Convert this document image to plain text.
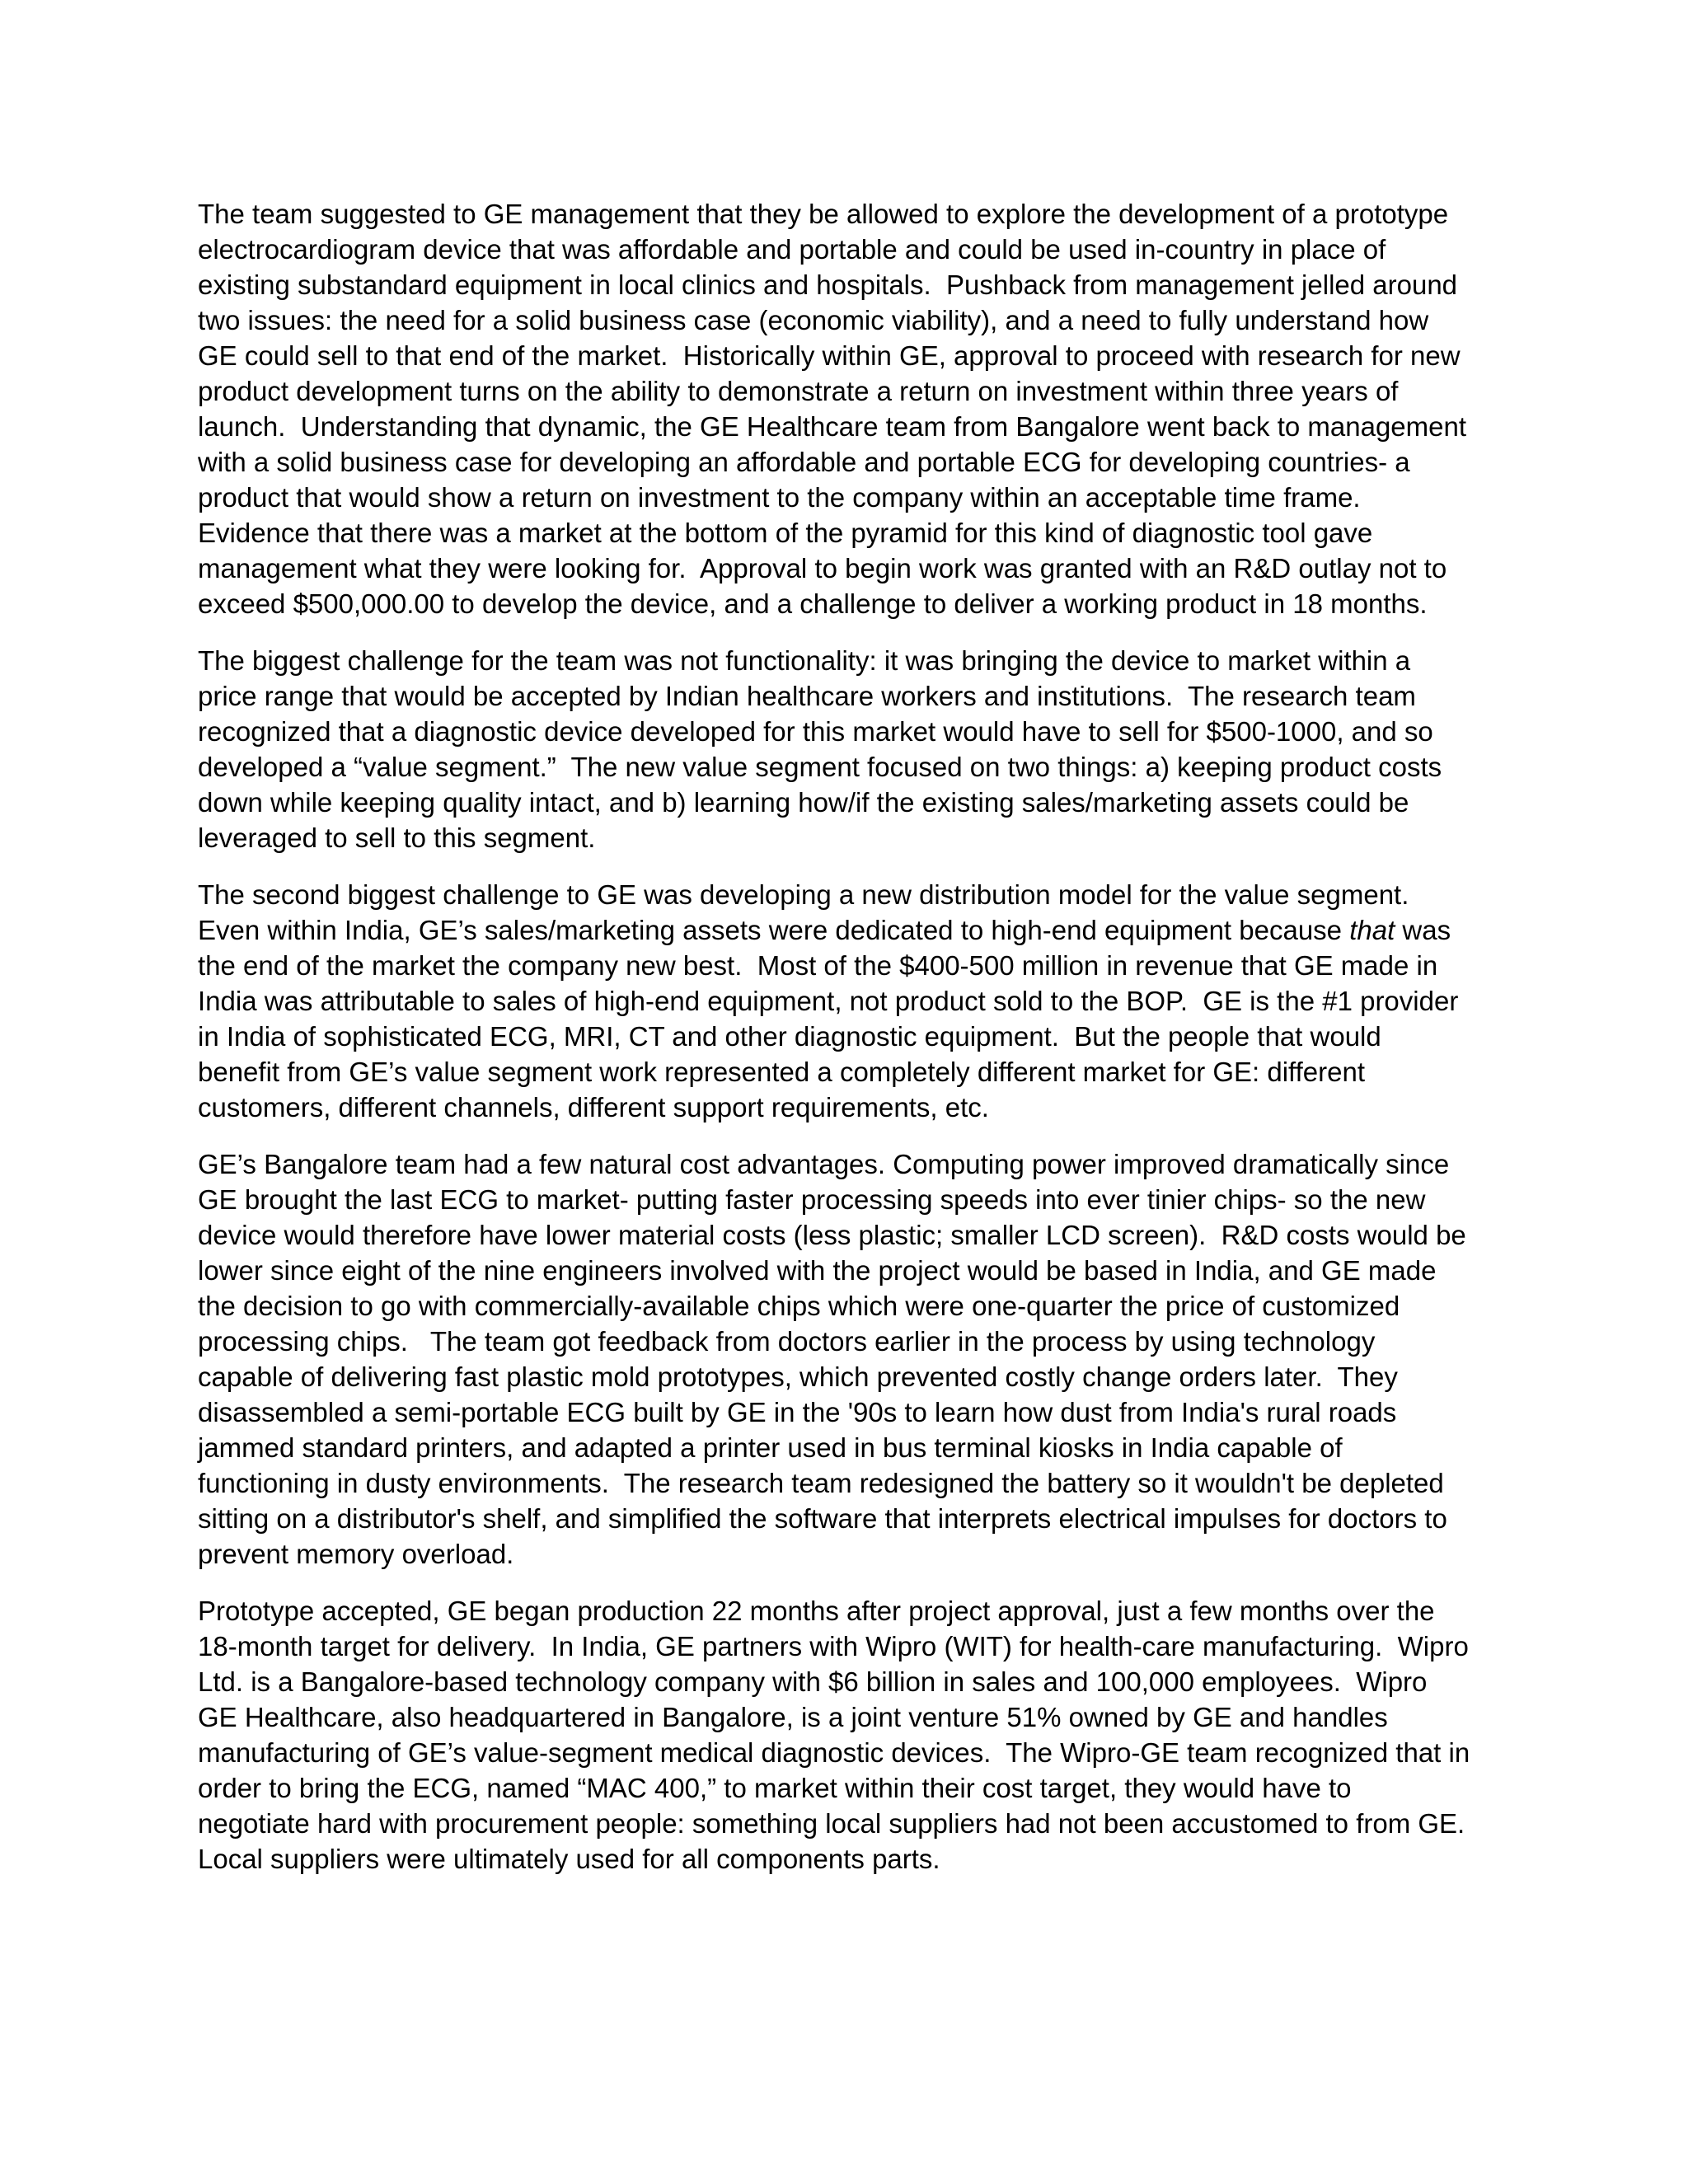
The team suggested to GE management that they be allowed to explore the development of a prototype
electrocardiogram device that was affordable and portable and could be used in-country in place of
existing substandard equipment in local clinics and hospitals.  Pushback from management jelled around
two issues: the need for a solid business case (economic viability), and a need to fully understand how
GE could sell to that end of the market.  Historically within GE, approval to proceed with research for new
product development turns on the ability to demonstrate a return on investment within three years of
launch.  Understanding that dynamic, the GE Healthcare team from Bangalore went back to management
with a solid business case for developing an affordable and portable ECG for developing countries- a
product that would show a return on investment to the company within an acceptable time frame.
Evidence that there was a market at the bottom of the pyramid for this kind of diagnostic tool gave
management what they were looking for.  Approval to begin work was granted with an R&D outlay not to
exceed $500,000.00 to develop the device, and a challenge to deliver a working product in 18 months.

The biggest challenge for the team was not functionality: it was bringing the device to market within a
price range that would be accepted by Indian healthcare workers and institutions.  The research team
recognized that a diagnostic device developed for this market would have to sell for $500-1000, and so
developed a “value segment.”  The new value segment focused on two things: a) keeping product costs
down while keeping quality intact, and b) learning how/if the existing sales/marketing assets could be
leveraged to sell to this segment.

The second biggest challenge to GE was developing a new distribution model for the value segment.
Even within India, GE’s sales/marketing assets were dedicated to high-end equipment because that was
the end of the market the company new best.  Most of the $400-500 million in revenue that GE made in
India was attributable to sales of high-end equipment, not product sold to the BOP.  GE is the #1 provider
in India of sophisticated ECG, MRI, CT and other diagnostic equipment.  But the people that would
benefit from GE’s value segment work represented a completely different market for GE: different
customers, different channels, different support requirements, etc.

GE’s Bangalore team had a few natural cost advantages. Computing power improved dramatically since
GE brought the last ECG to market- putting faster processing speeds into ever tinier chips- so the new
device would therefore have lower material costs (less plastic; smaller LCD screen).  R&D costs would be
lower since eight of the nine engineers involved with the project would be based in India, and GE made
the decision to go with commercially-available chips which were one-quarter the price of customized
processing chips.   The team got feedback from doctors earlier in the process by using technology
capable of delivering fast plastic mold prototypes, which prevented costly change orders later.  They
disassembled a semi-portable ECG built by GE in the '90s to learn how dust from India's rural roads
jammed standard printers, and adapted a printer used in bus terminal kiosks in India capable of
functioning in dusty environments.  The research team redesigned the battery so it wouldn't be depleted
sitting on a distributor's shelf, and simplified the software that interprets electrical impulses for doctors to
prevent memory overload.

Prototype accepted, GE began production 22 months after project approval, just a few months over the
18-month target for delivery.  In India, GE partners with Wipro (WIT) for health-care manufacturing.  Wipro
Ltd. is a Bangalore-based technology company with $6 billion in sales and 100,000 employees.  Wipro
GE Healthcare, also headquartered in Bangalore, is a joint venture 51% owned by GE and handles
manufacturing of GE’s value-segment medical diagnostic devices.  The Wipro-GE team recognized that in
order to bring the ECG, named “MAC 400,” to market within their cost target, they would have to
negotiate hard with procurement people: something local suppliers had not been accustomed to from GE.
Local suppliers were ultimately used for all components parts.
